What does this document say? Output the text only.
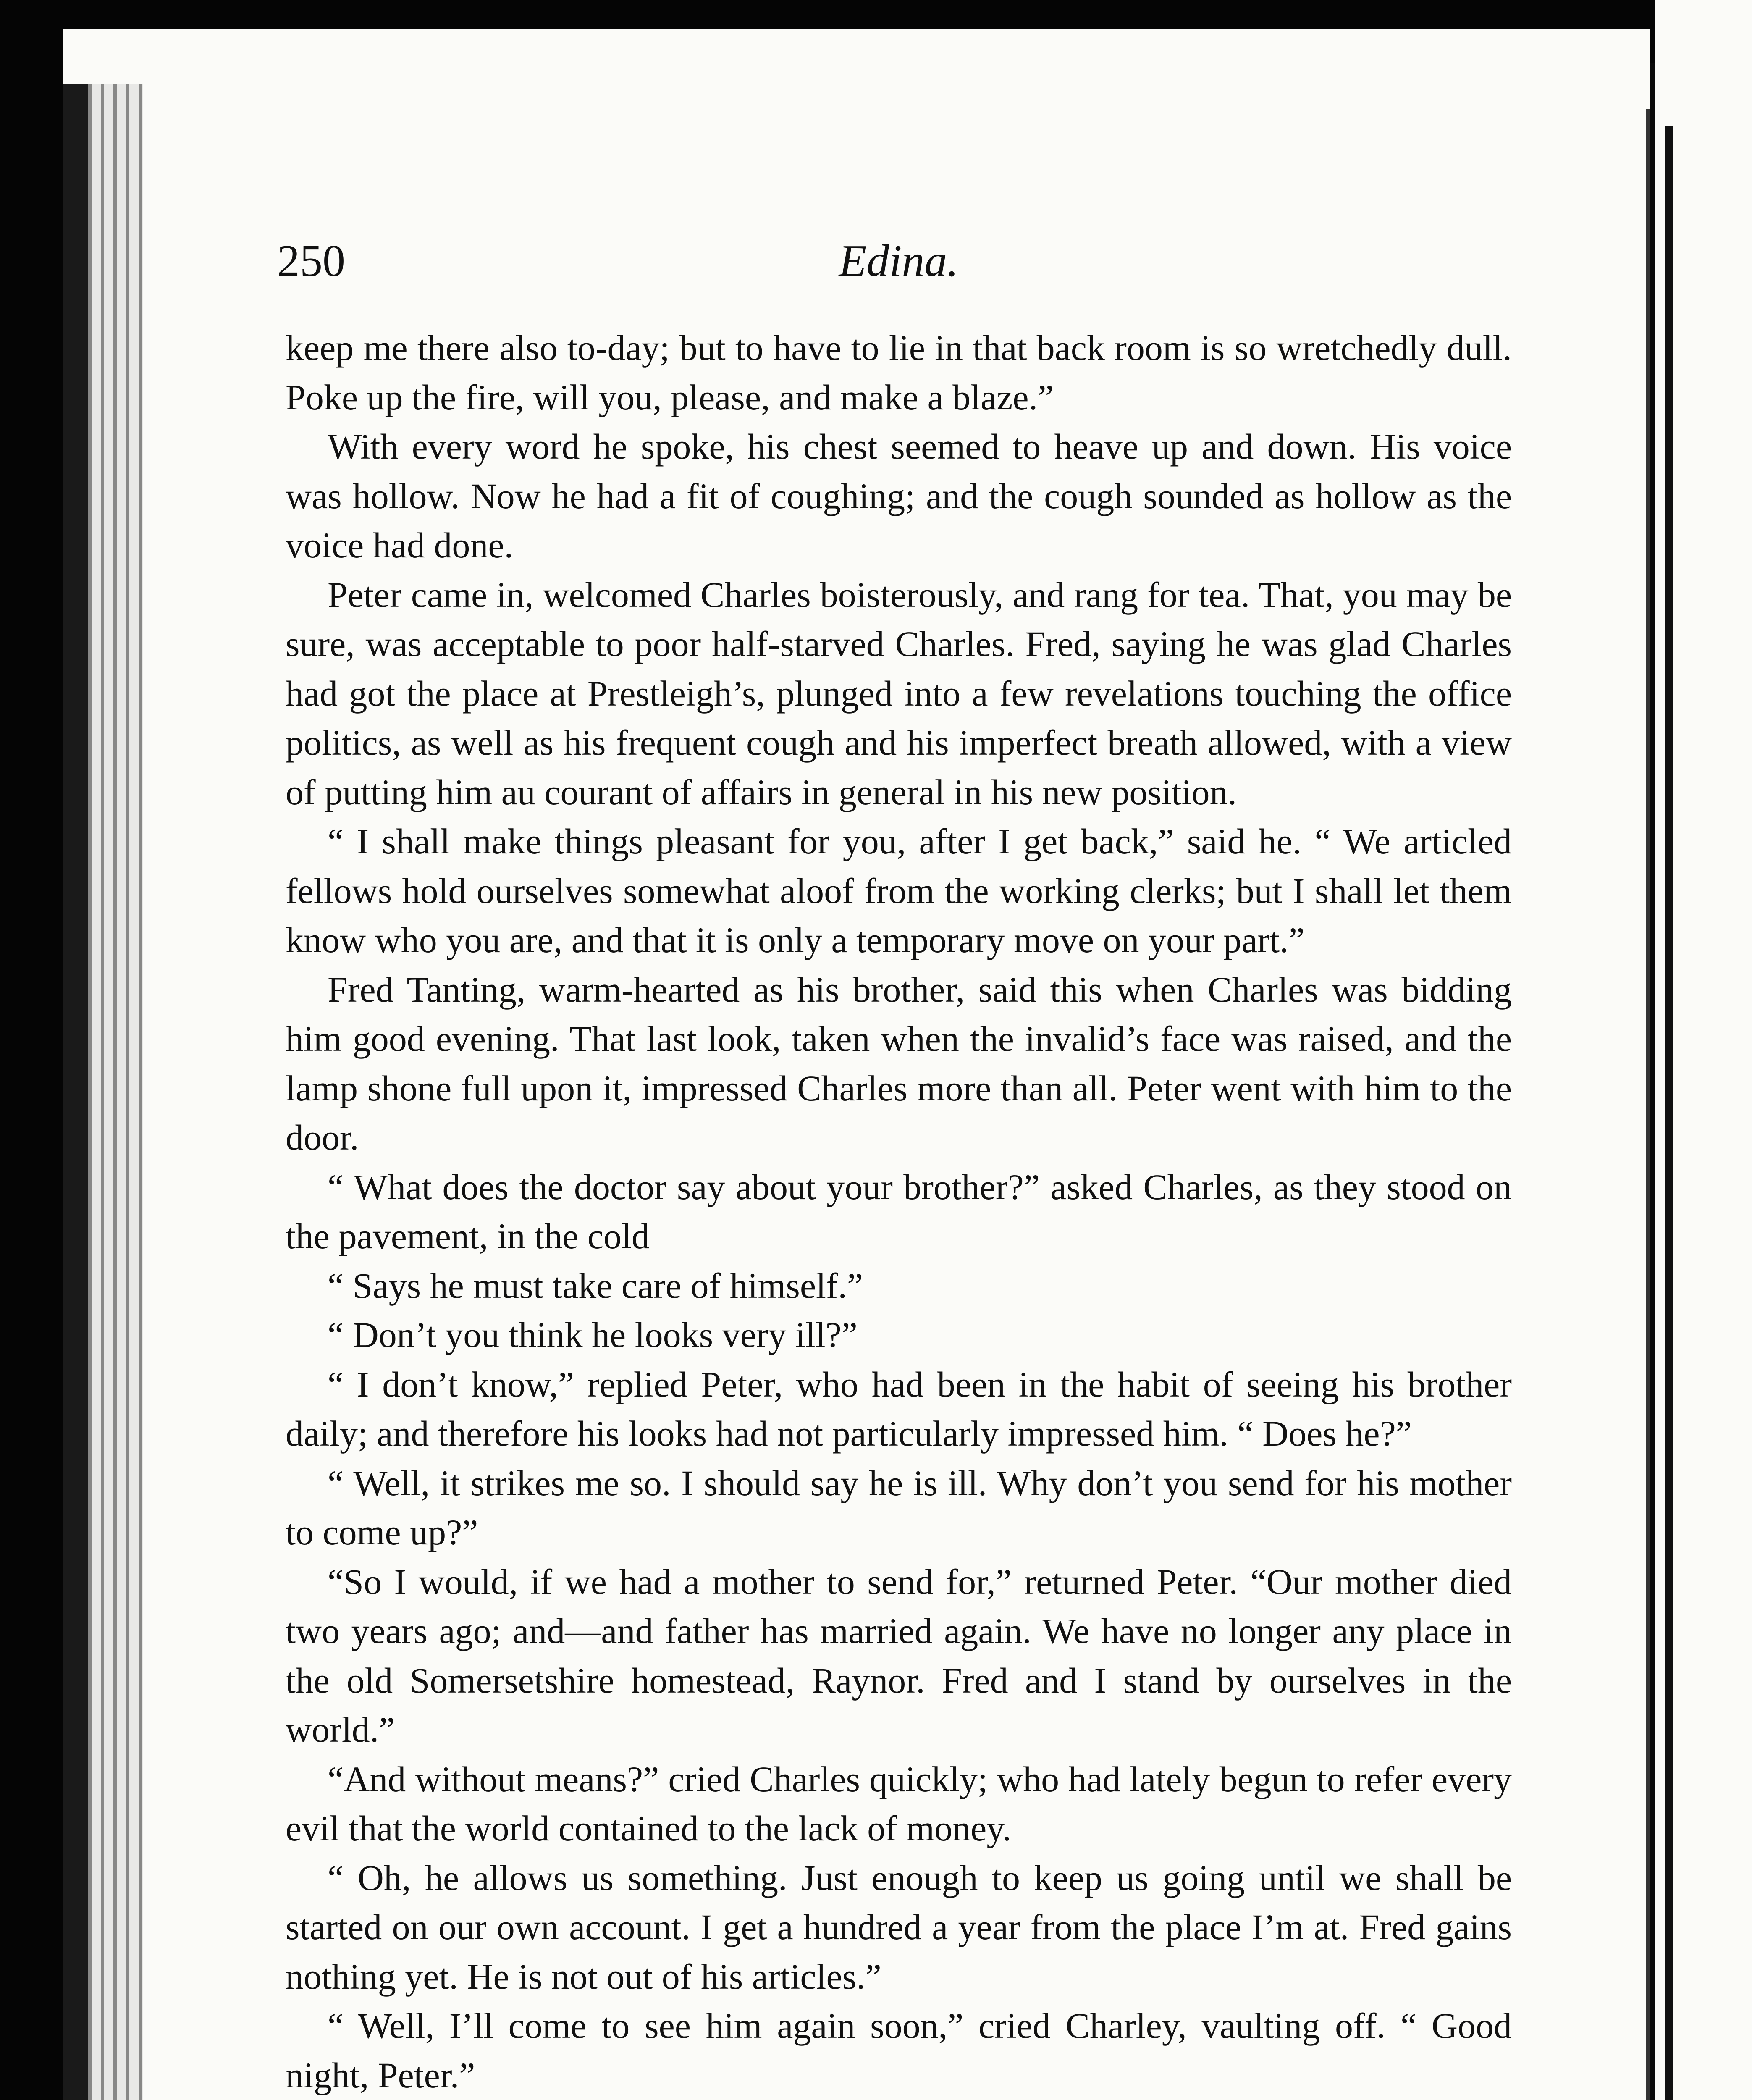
250	Edina.

keep me there also to-day; but to have to lie in that back room is so wretchedly dull. Poke up the fire, will you, please, and make a blaze.”

With every word he spoke, his chest seemed to heave up and down. His voice was hollow. Now he had a fit of coughing; and the cough sounded as hollow as the voice had done.

Peter came in, welcomed Charles boisterously, and rang for tea. That, you may be sure, was acceptable to poor half-starved Charles. Fred, saying he was glad Charles had got the place at Prestleigh’s, plunged into a few revelations touching the office politics, as well as his frequent cough and his imperfect breath allowed, with a view of putting him au courant of affairs in general in his new position.

“ I shall make things pleasant for you, after I get back,” said he. “ We articled fellows hold ourselves somewhat aloof from the working clerks; but I shall let them know who you are, and that it is only a temporary move on your part.”

Fred Tanting, warm-hearted as his brother, said this when Charles was bidding him good evening. That last look, taken when the invalid’s face was raised, and the lamp shone full upon it, impressed Charles more than all. Peter went with him to the door.

“ What does the doctor say about your brother?” asked Charles, as they stood on the pavement, in the cold

“ Says he must take care of himself.”

“ Don’t you think he looks very ill?”

“ I don’t know,” replied Peter, who had been in the habit of seeing his brother daily; and therefore his looks had not particularly impressed him. “ Does he?”

“ Well, it strikes me so. I should say he is ill. Why don’t you send for his mother to come up?”

“So I would, if we had a mother to send for,” returned Peter. “Our mother died two years ago; and—and father has married again. We have no longer any place in the old Somersetshire homestead, Raynor. Fred and I stand by ourselves in the world.”

“And without means?” cried Charles quickly; who had lately begun to refer every evil that the world contained to the lack of money.

“ Oh, he allows us something. Just enough to keep us going until we shall be started on our own account. I get a hundred a year from the place I’m at. Fred gains nothing yet. He is not out of his articles.”

“ Well, I’ll come to see him again soon,” cried Charley, vaulting off. “ Good night, Peter.”
